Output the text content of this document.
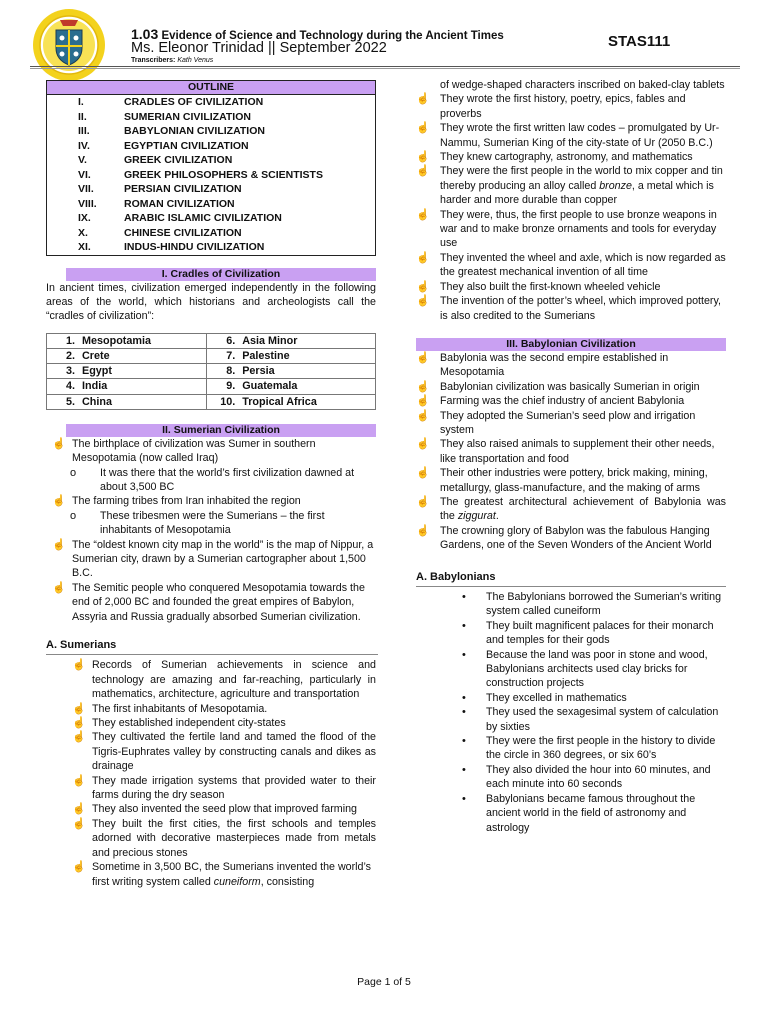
1.03 Evidence of Science and Technology during the Ancient Times
Ms. Eleonor Trinidad || September 2022
Transcribers: Kath Venus
STAS111
OUTLINE
I.	CRADLES OF CIVILIZATION
II.	SUMERIAN CIVILIZATION
III.	BABYLONIAN CIVILIZATION
IV.	EGYPTIAN CIVILIZATION
V.	GREEK CIVILIZATION
VI.	GREEK PHILOSOPHERS & SCIENTISTS
VII.	PERSIAN CIVILIZATION
VIII.	ROMAN CIVILIZATION
IX.	ARABIC ISLAMIC CIVILIZATION
X.	CHINESE CIVILIZATION
XI.	INDUS-HINDU CIVILIZATION
I. Cradles of Civilization
In ancient times, civilization emerged independently in the following areas of the world, which historians and archeologists call the “cradles of civilization”:
1. Mesopotamia	6. Asia Minor
2. Crete	7. Palestine
3. Egypt	8. Persia
4. India	9. Guatemala
5. China	10. Tropical Africa
II. Sumerian Civilization
☝ The birthplace of civilization was Sumer in southern Mesopotamia (now called Iraq)
o It was there that the world’s first civilization dawned at about 3,500 BC
☝ The farming tribes from Iran inhabited the region
o These tribesmen were the Sumerians – the first inhabitants of Mesopotamia
☝ The “oldest known city map in the world” is the map of Nippur, a Sumerian city, drawn by a Sumerian cartographer about 1,500 B.C.
☝ The Semitic people who conquered Mesopotamia towards the end of 2,000 BC and founded the great empires of Babylon, Assyria and Russia gradually absorbed Sumerian civilization.
A. Sumerians
☝ Records of Sumerian achievements in science and technology are amazing and far-reaching, particularly in mathematics, architecture, agriculture and transportation
☝ The first inhabitants of Mesopotamia.
☝ They established independent city-states
☝ They cultivated the fertile land and tamed the flood of the Tigris-Euphrates valley by constructing canals and dikes as drainage
☝ They made irrigation systems that provided water to their farms during the dry season
☝ They also invented the seed plow that improved farming
☝ They built the first cities, the first schools and temples adorned with decorative masterpieces made from metals and precious stones
☝ Sometime in 3,500 BC, the Sumerians invented the world’s first writing system called cuneiform, consisting
of wedge-shaped characters inscribed on baked-clay tablets
☝ They wrote the first history, poetry, epics, fables and proverbs
☝ They wrote the first written law codes – promulgated by Ur-Nammu, Sumerian King of the city-state of Ur (2050 B.C.)
☝ They knew cartography, astronomy, and mathematics
☝ They were the first people in the world to mix copper and tin thereby producing an alloy called bronze, a metal which is harder and more durable than copper
☝ They were, thus, the first people to use bronze weapons in war and to make bronze ornaments and tools for everyday use
☝ They invented the wheel and axle, which is now regarded as the greatest mechanical invention of all time
☝ They also built the first-known wheeled vehicle
☝ The invention of the potter’s wheel, which improved pottery, is also credited to the Sumerians
III. Babylonian Civilization
☝ Babylonia was the second empire established in Mesopotamia
☝ Babylonian civilization was basically Sumerian in origin
☝ Farming was the chief industry of ancient Babylonia
☝ They adopted the Sumerian’s seed plow and irrigation system
☝ They also raised animals to supplement their other needs, like transportation and food
☝ Their other industries were pottery, brick making, mining, metallurgy, glass-manufacture, and the making of arms
☝ The greatest architectural achievement of Babylonia was the ziggurat.
☝ The crowning glory of Babylon was the fabulous Hanging Gardens, one of the Seven Wonders of the Ancient World
A. Babylonians
• The Babylonians borrowed the Sumerian’s writing system called cuneiform
• They built magnificent palaces for their monarch and temples for their gods
• Because the land was poor in stone and wood, Babylonians architects used clay bricks for construction projects
• They excelled in mathematics
• They used the sexagesimal system of calculation by sixties
• They were the first people in the history to divide the circle in 360 degrees, or six 60’s
• They also divided the hour into 60 minutes, and each minute into 60 seconds
• Babylonians became famous throughout the ancient world in the field of astronomy and astrology
Page 1 of 5
